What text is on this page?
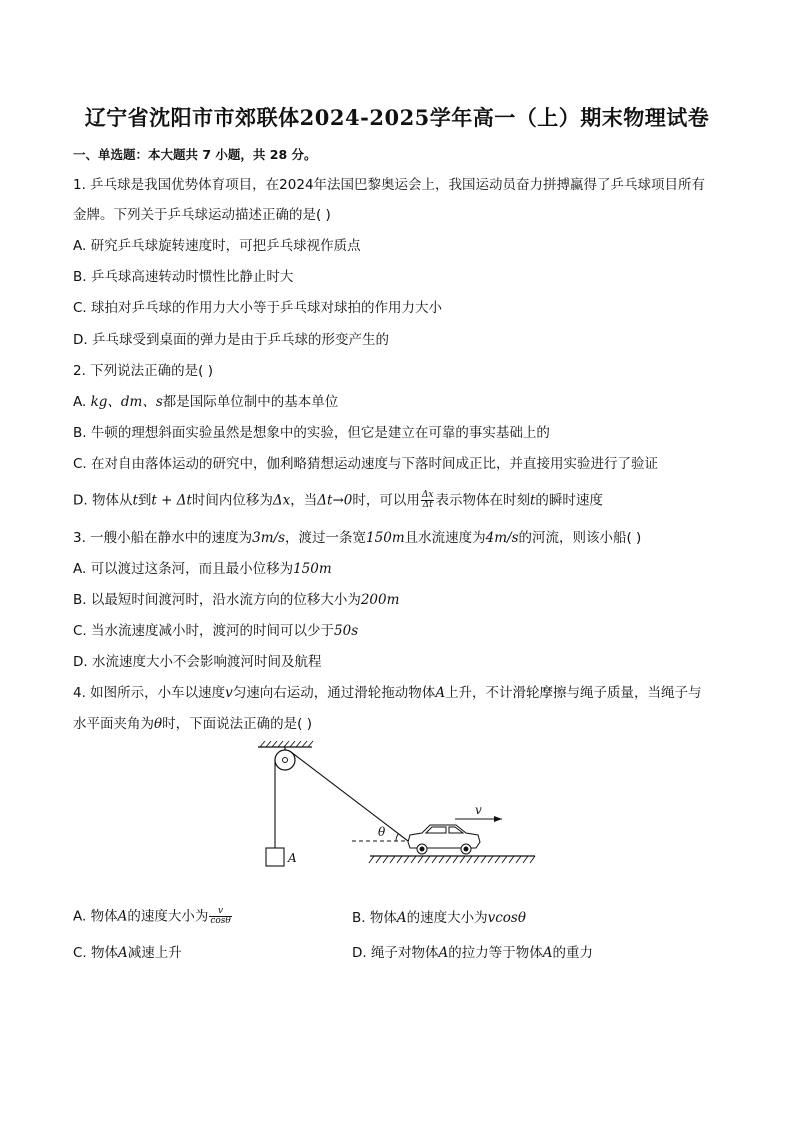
辽宁省沈阳市市郊联体2024-2025学年高一（上）期末物理试卷
一、单选题：本大题共 7 小题，共 28 分。
1. 乒乓球是我国优势体育项目，在2024年法国巴黎奥运会上，我国运动员奋力拼搏赢得了乒乓球项目所有
金牌。下列关于乒乓球运动描述正确的是( )
A. 研究乒乓球旋转速度时，可把乒乓球视作质点
B. 乒乓球高速转动时惯性比静止时大
C. 球拍对乒乓球的作用力大小等于乒乓球对球拍的作用力大小
D. 乒乓球受到桌面的弹力是由于乒乓球的形变产生的
2. 下列说法正确的是( )
A. kg、dm、s都是国际单位制中的基本单位
B. 牛顿的理想斜面实验虽然是想象中的实验，但它是建立在可靠的事实基础上的
C. 在对自由落体运动的研究中，伽利略猜想运动速度与下落时间成正比，并直接用实验进行了验证
D. 物体从t到t + Δt时间内位移为Δx，当Δt→0时，可以用 $\frac{\Delta x}{\Delta t}$ 表示物体在时刻t的瞬时速度
3. 一艘小船在静水中的速度为3m/s，渡过一条宽150m且水流速度为4m/s的河流，则该小船( )
A. 可以渡过这条河，而且最小位移为150m
B. 以最短时间渡河时，沿水流方向的位移大小为200m
C. 当水流速度减小时，渡河的时间可以少于50s
D. 水流速度大小不会影响渡河时间及航程
4. 如图所示，小车以速度v匀速向右运动，通过滑轮拖动物体A上升，不计滑轮摩擦与绳子质量，当绳子与
水平面夹角为θ时，下面说法正确的是( )
A
θ
v
A. 物体A的速度大小为 $\frac{v}{\cos\theta}$	B. 物体A的速度大小为vcosθ
C. 物体A减速上升	D. 绳子对物体A的拉力等于物体A的重力
